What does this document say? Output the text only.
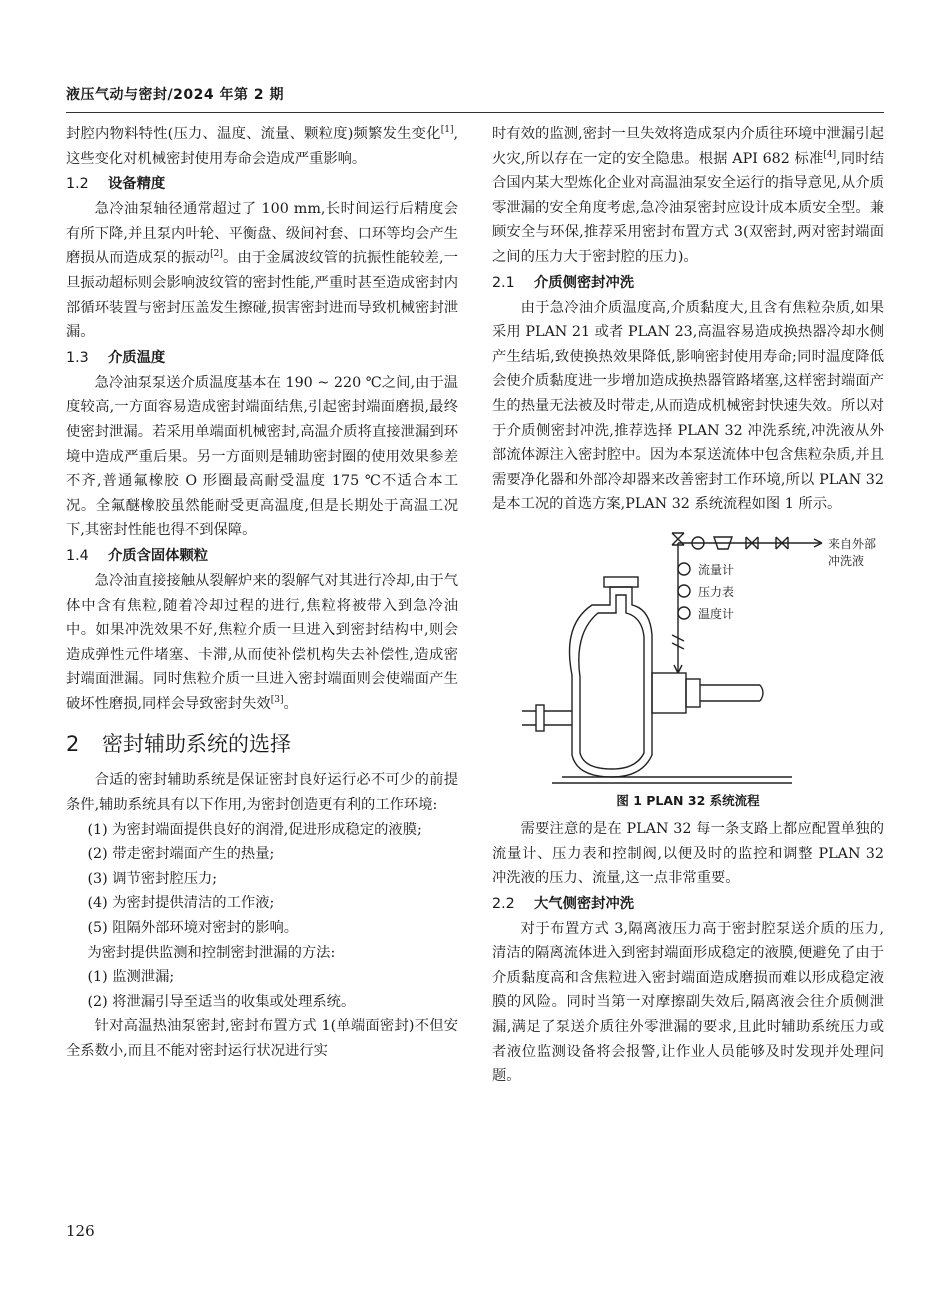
液压气动与密封/2024 年第 2 期

封腔内物料特性(压力、温度、流量、颗粒度)频繁发生变化[1],这些变化对机械密封使用寿命会造成严重影响。

1.2 设备精度

急冷油泵轴径通常超过了 100 mm,长时间运行后精度会有所下降,并且泵内叶轮、平衡盘、级间衬套、口环等均会产生磨损从而造成泵的振动[2]。由于金属波纹管的抗振性能较差,一旦振动超标则会影响波纹管的密封性能,严重时甚至造成密封内部循环装置与密封压盖发生擦碰,损害密封进而导致机械密封泄漏。

1.3 介质温度

急冷油泵泵送介质温度基本在 190 ~ 220 ℃之间,由于温度较高,一方面容易造成密封端面结焦,引起密封端面磨损,最终使密封泄漏。若采用单端面机械密封,高温介质将直接泄漏到环境中造成严重后果。另一方面则是辅助密封圈的使用效果参差不齐,普通氟橡胶 O 形圈最高耐受温度 175 ℃不适合本工况。全氟醚橡胶虽然能耐受更高温度,但是长期处于高温工况下,其密封性能也得不到保障。

1.4 介质含固体颗粒

急冷油直接接触从裂解炉来的裂解气对其进行冷却,由于气体中含有焦粒,随着冷却过程的进行,焦粒将被带入到急冷油中。如果冲洗效果不好,焦粒介质一旦进入到密封结构中,则会造成弹性元件堵塞、卡滞,从而使补偿机构失去补偿性,造成密封端面泄漏。同时焦粒介质一旦进入密封端面则会使端面产生破坏性磨损,同样会导致密封失效[3]。

2 密封辅助系统的选择

合适的密封辅助系统是保证密封良好运行必不可少的前提条件,辅助系统具有以下作用,为密封创造更有利的工作环境:

(1) 为密封端面提供良好的润滑,促进形成稳定的液膜;

(2) 带走密封端面产生的热量;

(3) 调节密封腔压力;

(4) 为密封提供清洁的工作液;

(5) 阻隔外部环境对密封的影响。

为密封提供监测和控制密封泄漏的方法:

(1) 监测泄漏;

(2) 将泄漏引导至适当的收集或处理系统。

针对高温热油泵密封,密封布置方式 1(单端面密封)不但安全系数小,而且不能对密封运行状况进行实

时有效的监测,密封一旦失效将造成泵内介质往环境中泄漏引起火灾,所以存在一定的安全隐患。根据 API 682 标准[4],同时结合国内某大型炼化企业对高温油泵安全运行的指导意见,从介质零泄漏的安全角度考虑,急冷油泵密封应设计成本质安全型。兼顾安全与环保,推荐采用密封布置方式 3(双密封,两对密封端面之间的压力大于密封腔的压力)。

2.1 介质侧密封冲洗

由于急冷油介质温度高,介质黏度大,且含有焦粒杂质,如果采用 PLAN 21 或者 PLAN 23,高温容易造成换热器冷却水侧产生结垢,致使换热效果降低,影响密封使用寿命;同时温度降低会使介质黏度进一步增加造成换热器管路堵塞,这样密封端面产生的热量无法被及时带走,从而造成机械密封快速失效。所以对于介质侧密封冲洗,推荐选择 PLAN 32 冲洗系统,冲洗液从外部流体源注入密封腔中。因为本泵送流体中包含焦粒杂质,并且需要净化器和外部冷却器来改善密封工作环境,所以 PLAN 32 是本工况的首选方案,PLAN 32 系统流程如图 1 所示。

来自外部冲洗液
流量计
压力表
温度计
图 1 PLAN 32 系统流程

需要注意的是在 PLAN 32 每一条支路上都应配置单独的流量计、压力表和控制阀,以便及时的监控和调整 PLAN 32 冲洗液的压力、流量,这一点非常重要。

2.2 大气侧密封冲洗

对于布置方式 3,隔离液压力高于密封腔泵送介质的压力,清洁的隔离流体进入到密封端面形成稳定的液膜,便避免了由于介质黏度高和含焦粒进入密封端面造成磨损而难以形成稳定液膜的风险。同时当第一对摩擦副失效后,隔离液会往介质侧泄漏,满足了泵送介质往外零泄漏的要求,且此时辅助系统压力或者液位监测设备将会报警,让作业人员能够及时发现并处理问题。

126
